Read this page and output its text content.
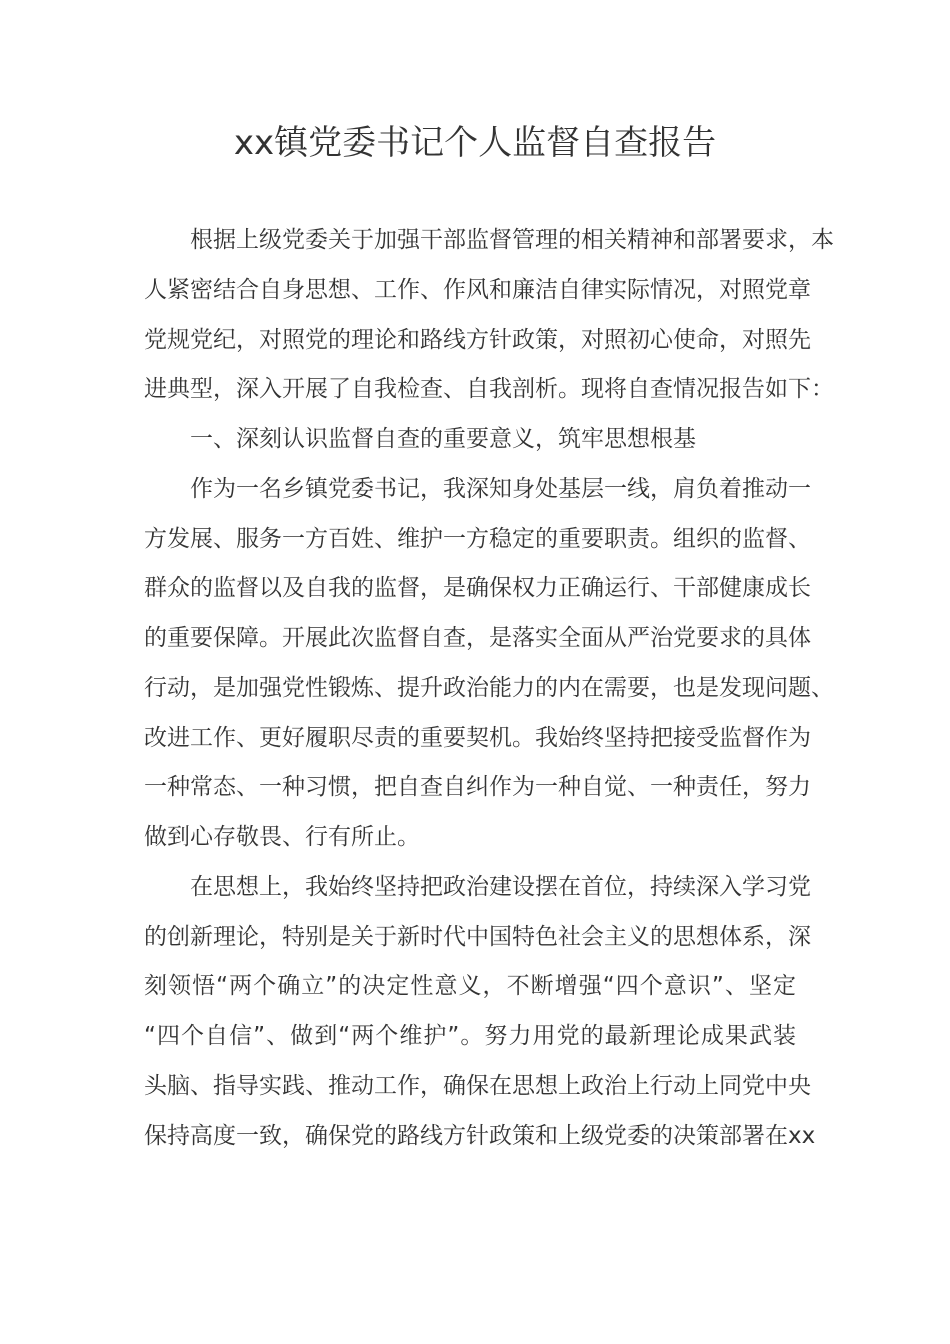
xx镇党委书记个人监督自查报告
根据上级党委关于加强干部监督管理的相关精神和部署要求，本
人紧密结合自身思想、工作、作风和廉洁自律实际情况，对照党章
党规党纪，对照党的理论和路线方针政策，对照初心使命，对照先
进典型，深入开展了自我检查、自我剖析。现将自查情况报告如下：
一、深刻认识监督自查的重要意义，筑牢思想根基
作为一名乡镇党委书记，我深知身处基层一线，肩负着推动一
方发展、服务一方百姓、维护一方稳定的重要职责。组织的监督、
群众的监督以及自我的监督，是确保权力正确运行、干部健康成长
的重要保障。开展此次监督自查，是落实全面从严治党要求的具体
行动，是加强党性锻炼、提升政治能力的内在需要，也是发现问题、
改进工作、更好履职尽责的重要契机。我始终坚持把接受监督作为
一种常态、一种习惯，把自查自纠作为一种自觉、一种责任，努力
做到心存敬畏、行有所止。
在思想上，我始终坚持把政治建设摆在首位，持续深入学习党
的创新理论，特别是关于新时代中国特色社会主义的思想体系，深
刻领悟“两个确立”的决定性意义，不断增强“四个意识”、坚定
“四个自信”、做到“两个维护”。努力用党的最新理论成果武装
头脑、指导实践、推动工作，确保在思想上政治上行动上同党中央
保持高度一致，确保党的路线方针政策和上级党委的决策部署在xx
